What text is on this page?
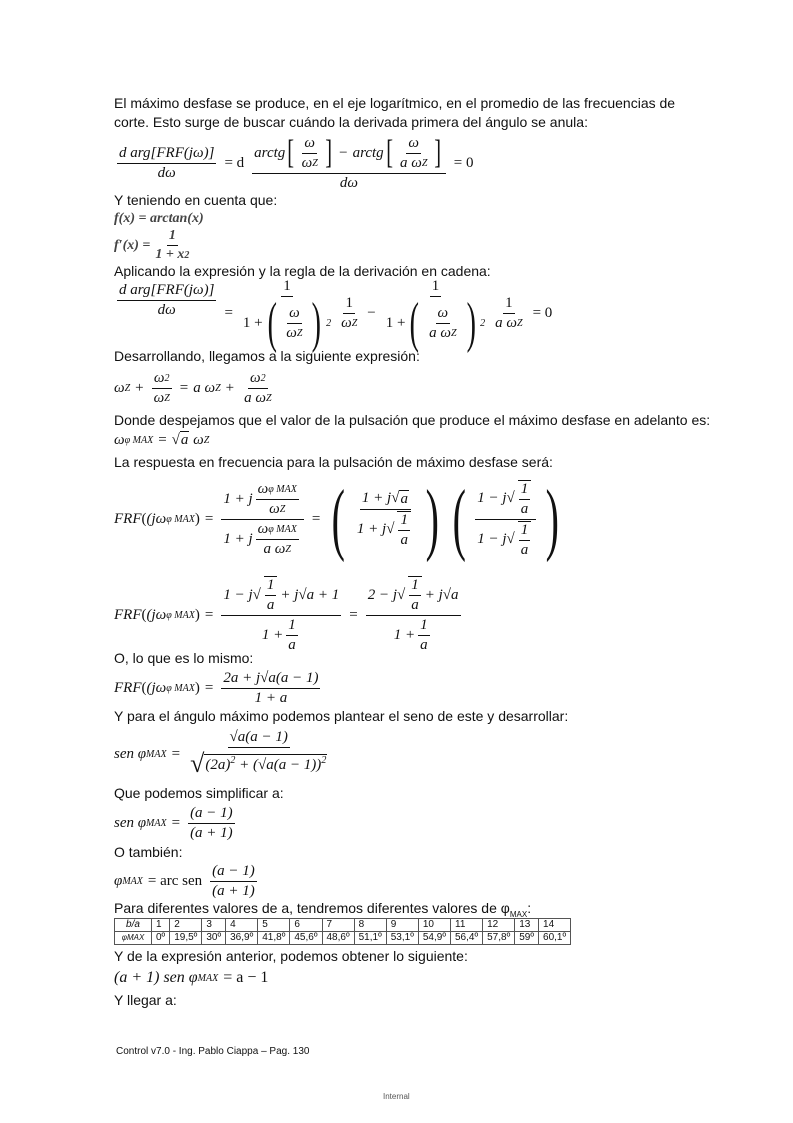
El máximo desfase se produce, en el eje logarítmico, en el promedio de las frecuencias de
corte. Esto surge de buscar cuándo la derivada primera del ángulo se anula:
$\frac{\text{d arg[FRF(jω)]}}{d\omega} = d \frac{arctg [ \frac{\omega}{\text{ω Z}} ] - arctg [ \frac{\omega}{\text{a ω Z}} ]}{d\omega} = 0$
Y teniendo en cuenta que:
f(x) = arctan(x)
$f'(x) = \frac{1}{1 + x 2}$
Aplicando la expresión y la regla de la derivación en cadena:
$\frac{\text{d arg[FRF(jω)]}}{d\omega} = \frac{1}{1 + ( \frac{\omega}{\text{ω Z}} ) 2} \frac{1}{\text{ω Z}} - \frac{1}{1 + ( \frac{\omega}{\text{a ω Z}} ) 2} \frac{1}{\text{a ω Z}} = 0$
Desarrollando, llegamos a la siguiente expresión:
ω $Z + \frac{\omega 2}{\text{ω Z}} = a$ ω $Z + \frac{\omega 2}{\text{a ω Z}}$
Donde despejamos que el valor de la pulsación que produce el máximo desfase en adelanto es:
ω φ MAX = √ a
ω Z
La respuesta en frecuencia para la pulsación de máximo desfase será:
FRF ( (jω φ MAX ) = $\frac{1 + j \frac{\text{ω φ MAX}}{\text{ω Z}}}{1 + j \frac{\text{ω φ MAX}}{\text{a ω Z}}}$ = ( $\frac{1 + j √ a}{1 + j √ \frac{1}{a}}$ ) ( $\frac{1 - j √ \frac{1}{a}}{1 - j √ \frac{1}{a}}$ )
FRF ( (jω φ MAX ) = $\frac{1 - j √ \frac{1}{a} + j√a + 1}{1 + \frac{1}{a}} = \frac{2 - j √ \frac{1}{a} + j√a}{1 + \frac{1}{a}}$
O, lo que es lo mismo:
FRF ( (jω φ MAX ) = $\frac{2a + j√a(a - 1)}{1 + a}$
Y para el ángulo máximo podemos plantear el seno de este y desarrollar:
sen φ MAX = $\frac{√a(a - 1)}{√ (2a)^2 + (√a(a - 1))^2}$
Que podemos simplificar a:
sen φ MAX = $\frac{(a - 1)}{(a + 1)}$
O también:
φ MAX = arc sen $\frac{(a - 1)}{(a + 1)}$
Para diferentes valores de a, tendremos diferentes valores de $\varphi_{MAX}$:
b/a	1	2	3	4	5	6	7	8	9	10	11	12	13	14
φMAX	0º	19,5º	30º	36,9º	41,8º	45,6º	48,6º	51,1º	53,1º	54,9º	56,4º	57,8º	59º	60,1º
Y de la expresión anterior, podemos obtener lo siguiente:
(a + 1) sen φ MAX = a − 1
Y llegar a:
Control v7.0 - Ing. Pablo Ciappa – Pag. 130
Internal
